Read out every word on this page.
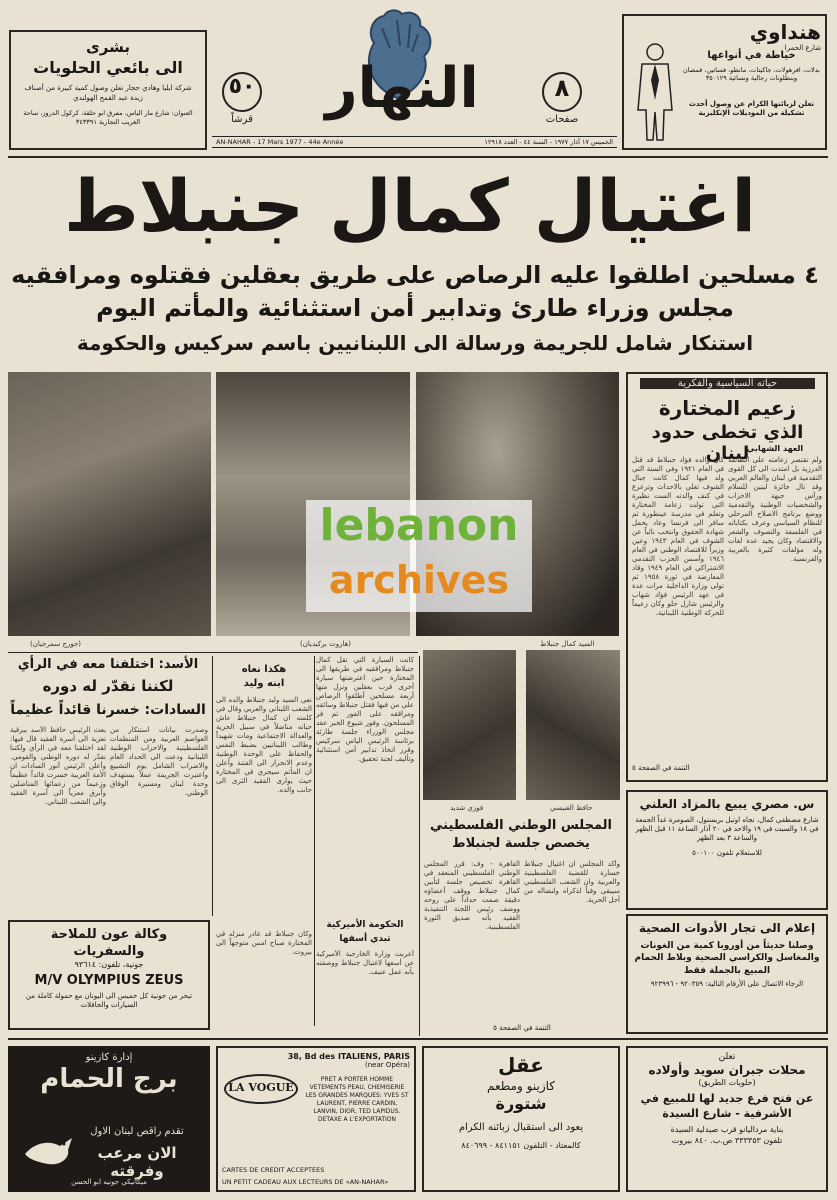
بشرى
الى بائعي الحلويات
شركة ايليا وهادي حجار تعلن وصول كمية كبيرة من أصناف زبدة عبد القمح الهولندي
العنوان: شارع مار الياس، مفرق ابو حلقة، كركول الدروز، ساحة الغريب التجارية ٣٤٣٣٩١
النهار	٨
صفحات
٥٠
قرشاً
AN-NAHAR - 17 Mars 1977 - 44e Année	الخميس ١٧ آذار ١٩٧٧ - السنة ٤٤ - العدد ١٢٩١٨
هنداوي
شارع الحمرا
خياطة في أنواعها
بدلات، افرهولات، جاكيتات، مانطو، فساتين، قمصان وبنطلونات رجالية ونسائية ٣٥٠١٢٩
تعلن لزبائنها الكرام عن وصول أحدث تشكيلة من الموديلات الإنكليزية
اغتيال كمال جنبلاط
٤ مسلحين اطلقوا عليه الرصاص على طريق بعقلين فقتلوه ومرافقيه
مجلس وزراء طارئ وتدابير أمن استثنائية والمأتم اليوم
استنكار شامل للجريمة ورسالة الى اللبنانيين باسم سركيس والحكومة
(جورج سمرجيان)	(هاروت بركيديان)	السيد كمال جنبلاط
فوزي شديد	حافظ الغنيسي
lebanon
archives
حياته السياسية والفكرية
زعيم المختارة
الذي تخطى حدود لبنان
كان والده فؤاد جنبلاط قد قتل في العام ١٩٢١ وفي السنة التي ولد فيها كمال كانت جبال الشوف تغلي بالاحداث وترعرع في كنف والدته الست نظيرة التي تولت زعامة المختارة وتعلم في مدرسة عينطورة ثم سافر الى فرنسا وعاد يحمل شهادة الحقوق وانتخب نائباً عن الشوف في العام ١٩٤٣ وعين وزيراً للاقتصاد الوطني في العام ١٩٤٦ وأسس الحزب التقدمي الاشتراكي في العام ١٩٤٩ وقاد المعارضة في ثورة ١٩٥٨ ثم تولى وزارة الداخلية مرات عدة في عهد الرئيس فؤاد شهاب والرئيس شارل حلو وكان زعيماً للحركة الوطنية اللبنانية.
ولم تقتصر زعامته على الطائفة الدرزية بل امتدت الى كل القوى التقدمية في لبنان والعالم العربي وقد نال جائزة لينين للسلام ورأس جبهة الاحزاب والشخصيات الوطنية والتقدمية ووضع برنامج الاصلاح المرحلي للنظام السياسي وعرف بكتاباته في الفلسفة والتصوف والشعر والاقتصاد وكان يجيد عدة لغات وله مؤلفات كثيرة بالعربية والفرنسية.
العهد الشهابي
التتمة في الصفحة ٥
الأسد: اختلفنا معه في الرأي
لكننا نقدّر له دوره
السادات: خسرنا قائداً عظيماً
بعث الرئيس حافظ الأسد ببرقية تعزية الى أسرة الفقيد قال فيها: لقد اختلفنا معه في الرأي ولكننا نقدّر له دوره الوطني والقومي. وأعلن الرئيس أنور السادات ان الأمة العربية خسرت قائداً عظيماً وزعيماً من زعمائها المناضلين وأبرق معزياً الى أسرة الفقيد والى الشعب اللبناني.
وصدرت بيانات استنكار من العواصم العربية ومن المنظمات الفلسطينية والاحزاب الوطنية اللبنانية ودعت الى الحداد العام والاضراب الشامل يوم التشييع واعتبرت الجريمة عملاً يستهدف وحدة لبنان ومسيرة الوفاق الوطني.
هكذا نعاه
ابنه وليد
نعى السيد وليد جنبلاط والده الى الشعب اللبناني والعربي وقال في كلمته ان كمال جنبلاط عاش حياته مناضلاً في سبيل الحرية والعدالة الاجتماعية ومات شهيداً وطالب اللبنانيين بضبط النفس والحفاظ على الوحدة الوطنية وعدم الانجرار الى الفتنة وأعلن ان المأتم سيجري في المختارة حيث يوارى الفقيد الثرى الى جانب والده.
كانت السيارة التي تقل كمال جنبلاط ومرافقيه في طريقها الى المختارة حين اعترضتها سيارة أخرى قرب بعقلين ونزل منها أربعة مسلحين أطلقوا الرصاص على من فيها فقتل جنبلاط وسائقه ومرافقه على الفور ثم فر المسلحون. وفور شيوع الخبر عقد مجلس الوزراء جلسة طارئة برئاسة الرئيس الياس سركيس وقرر اتخاذ تدابير أمن استثنائية وتأليف لجنة تحقيق.
الحكومة الأميركية
تبدي أسفها
أعربت وزارة الخارجية الأميركية عن أسفها لاغتيال جنبلاط ووصفته بأنه عمل عنيف.
وكان جنبلاط قد غادر منزله في المختارة صباح امس متوجهاً الى بيروت.
المجلس الوطني الفلسطيني
يخصص جلسة لجنبلاط
القاهرة - وف: قرر المجلس الوطني الفلسطيني المنعقد في القاهرة تخصيص جلسة لتأبين كمال جنبلاط ووقف أعضاؤه دقيقة صمت حداداً على روحه ووصف رئيس اللجنة التنفيذية الفقيد بأنه صديق الثورة الفلسطينية.
وأكد المجلس ان اغتيال جنبلاط خسارة للقضية الفلسطينية والعربية وان الشعب الفلسطيني سيبقى وفياً لذكراه ولنضاله من أجل الحرية.
التتمة في الصفحة ٥
س. مصري يبيع بالمزاد العلني
شارع مصطفى كمال، نجاه اوتيل بريستول، الصومرة غداً الجمعة في ١٨ والسبت في ١٩ والاحد في ٢٠ آذار الساعة ١١ قبل الظهر والساعة ٣ بعد الظهر
للاستعلام تلفون ٥٠٠١٠٠
إعلام الى تجار الأدوات الصحية
وصلنا حديثاً من أوروبا كمية من الغونات والمغاسل والكراسي الصحية وبلاط الحمام
المبيع بالجملة فقط
الرجاء الاتصال على الأرقام التالية: ٩٢٠٣٥٩ - ٩٢٣٩٩٦
وكالة عون للملاحة والسفريات
جونية، تلفون: ٩٣٦١٤
M/V OLYMPIUS ZEUS
تبحر من جونية كل خميس الى اليونان مع حمولة كاملة من السيارات والحافلات
إدارة كازينو
برج الحمام
تقدم راقص لبنان الاول
الان مرعب وفرقته
ميكانيكي جونيه ابو الحسن
38, Bd des ITALIENS, PARIS
(near Opéra)
LA VOGUE
PRET A PORTER HOMME VETEMENTS PEAU, CHEMISERIE LES GRANDES MARQUES: YVES ST LAURENT, PIERRE CARDIN, LANVIN, DIOR, TED LAPIDUS. DETAXE A L'EXPORTATION
CARTES DE CREDIT ACCEPTEES
UN PETIT CADEAU AUX LECTEURS DE «AN-NAHAR»
عقل
كازينو ومطعم
شتورة
يعود الى استقبال زبائنه الكرام
كالمعتاد - التلفون ٨٤١١٥١ - ٨٤٠٦٩٩
تعلن
محلات جبران سويد وأولاده
(حلويات الطريق)
عن فتح فرع جديد لها للمبيع في الأشرفية - شارع السيدة
بناية مرداليانو قرب صيدلية السيدة
تلفون ٣٣٣٣٥٣ ص.ب. ٨٤٠ بيروت
